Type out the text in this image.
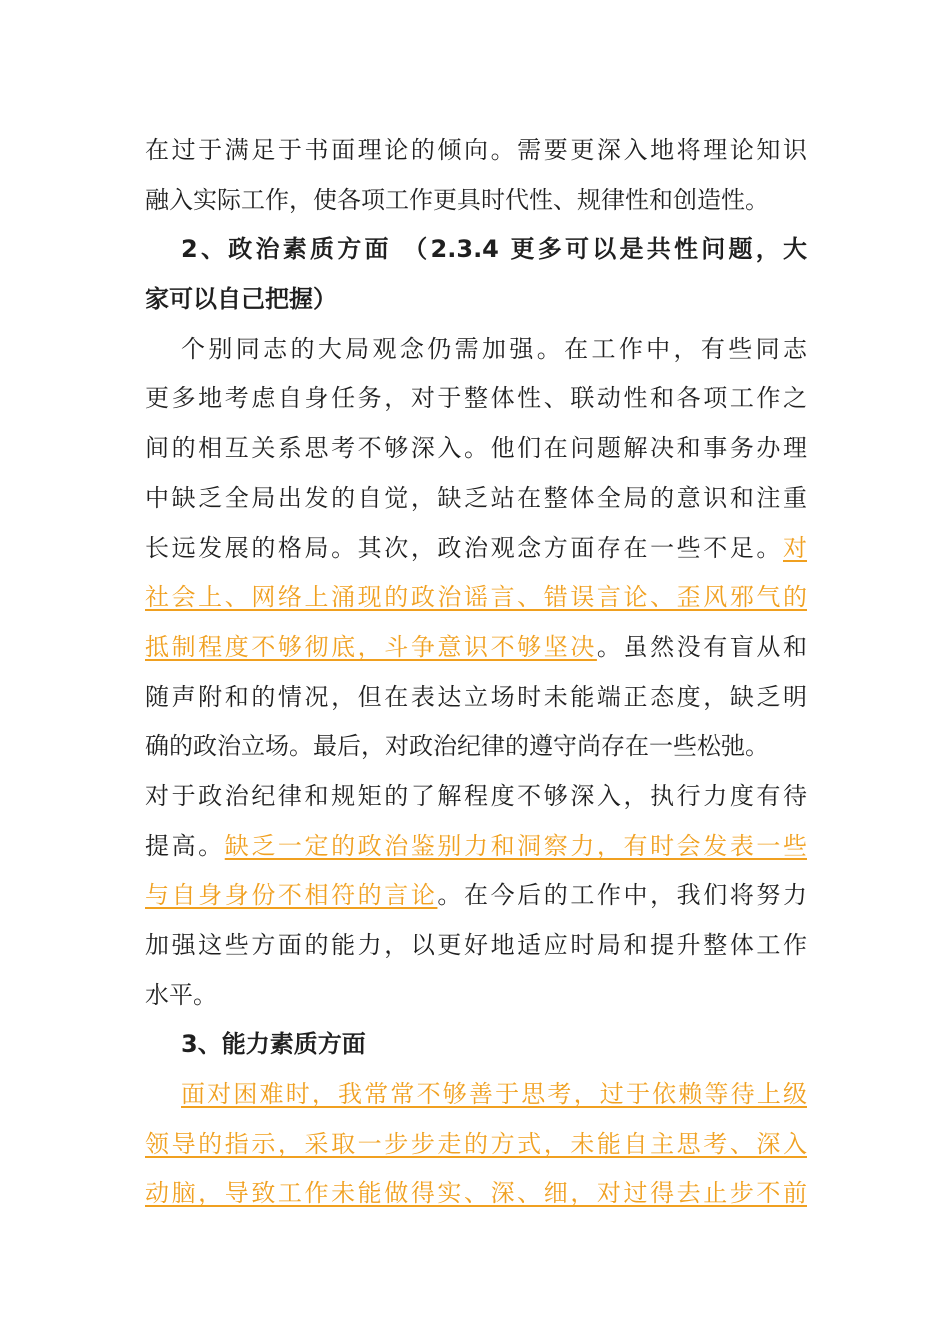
在过于满足于书面理论的倾向。需要更深入地将理论知识
融入实际工作，使各项工作更具时代性、规律性和创造性。
2、政治素质方面 （2.3.4 更多可以是共性问题，大
家可以自己把握）
个别同志的大局观念仍需加强。在工作中，有些同志
更多地考虑自身任务，对于整体性、联动性和各项工作之
间的相互关系思考不够深入。他们在问题解决和事务办理
中缺乏全局出发的自觉，缺乏站在整体全局的意识和注重
长远发展的格局。其次，政治观念方面存在一些不足。对
社会上、网络上涌现的政治谣言、错误言论、歪风邪气的
抵制程度不够彻底，斗争意识不够坚决。虽然没有盲从和
随声附和的情况，但在表达立场时未能端正态度，缺乏明
确的政治立场。最后，对政治纪律的遵守尚存在一些松弛。
对于政治纪律和规矩的了解程度不够深入，执行力度有待
提高。缺乏一定的政治鉴别力和洞察力，有时会发表一些
与自身身份不相符的言论。在今后的工作中，我们将努力
加强这些方面的能力，以更好地适应时局和提升整体工作
水平。
3、能力素质方面
面对困难时，我常常不够善于思考，过于依赖等待上级
领导的指示，采取一步步走的方式，未能自主思考、深入
动脑，导致工作未能做得实、深、细，对过得去止步不前
